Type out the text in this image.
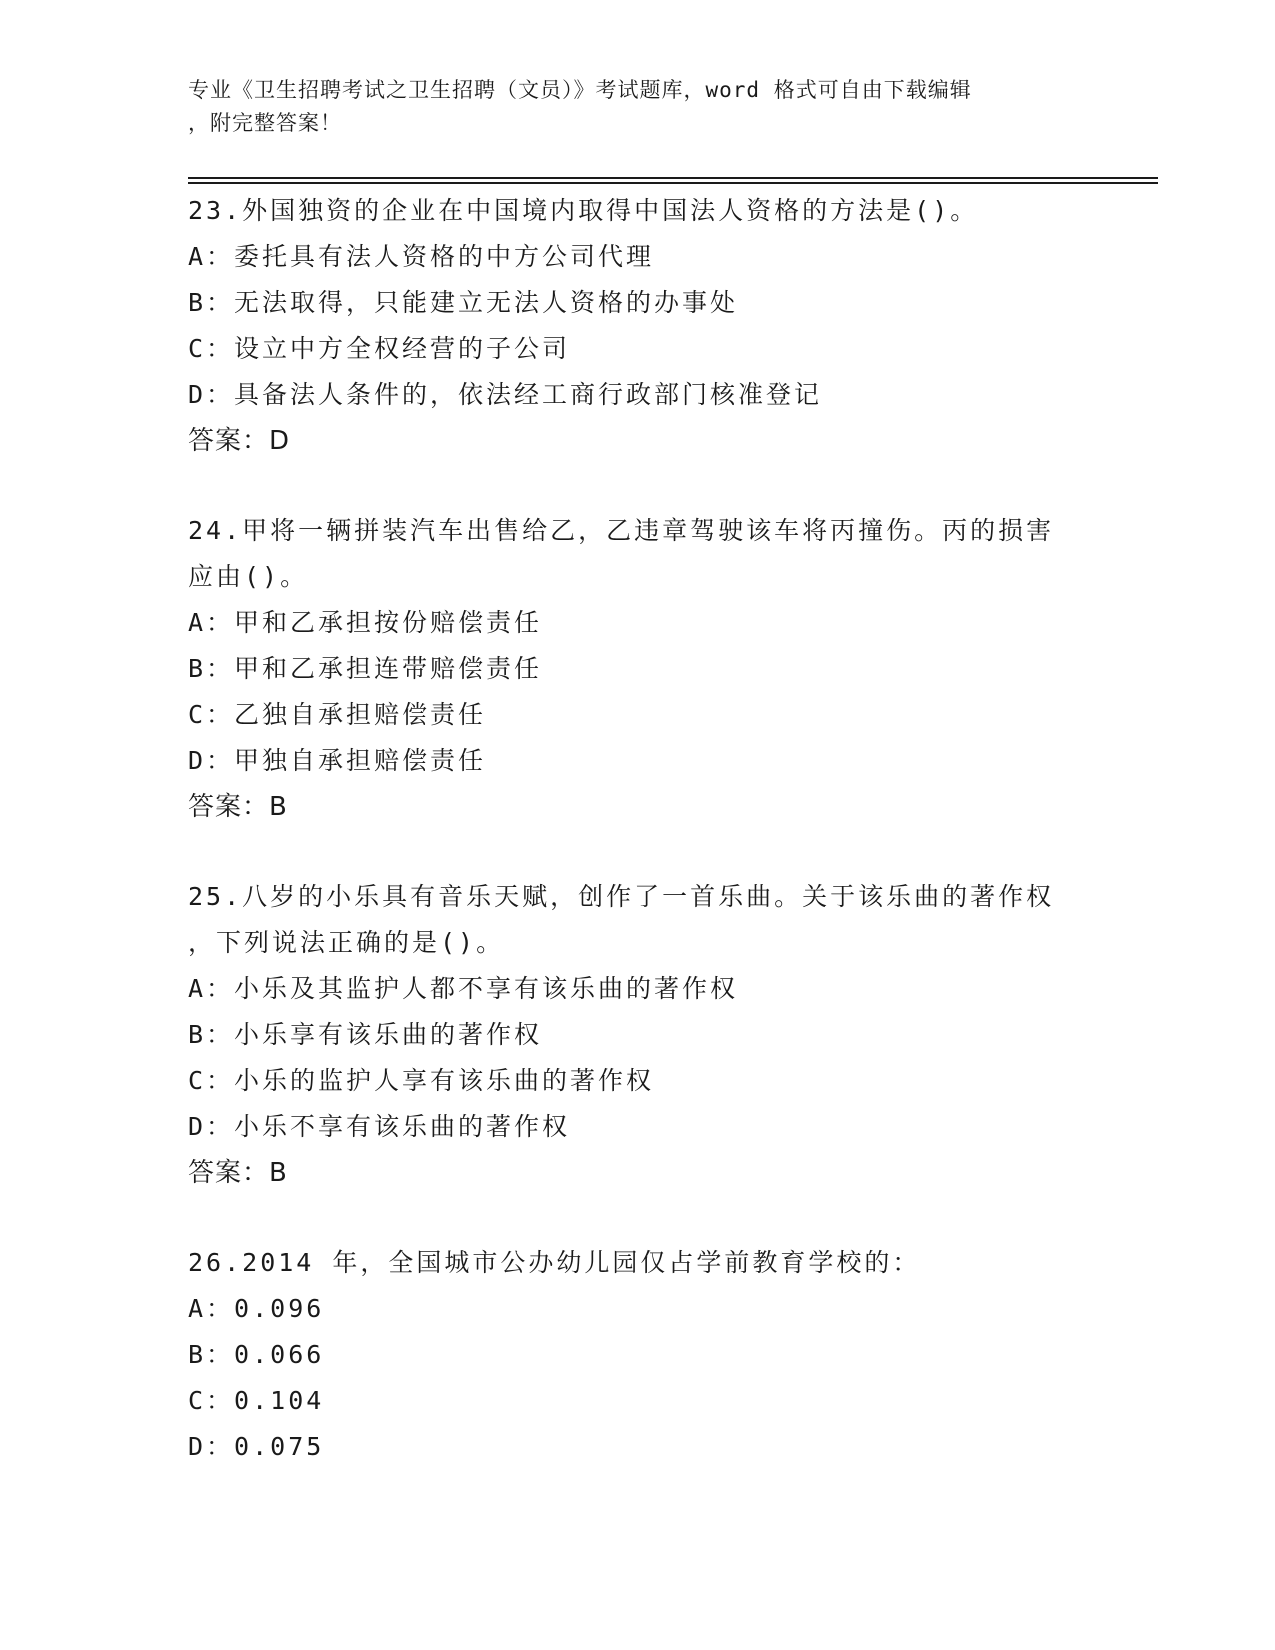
专业《卫生招聘考试之卫生招聘（文员）》考试题库，word 格式可自由下载编辑
，附完整答案！
23.外国独资的企业在中国境内取得中国法人资格的方法是()。
A：委托具有法人资格的中方公司代理
B：无法取得，只能建立无法人资格的办事处
C：设立中方全权经营的子公司
D：具备法人条件的，依法经工商行政部门核准登记
答案：D
24.甲将一辆拼装汽车出售给乙，乙违章驾驶该车将丙撞伤。丙的损害
应由()。
A：甲和乙承担按份赔偿责任
B：甲和乙承担连带赔偿责任
C：乙独自承担赔偿责任
D：甲独自承担赔偿责任
答案：B
25.八岁的小乐具有音乐天赋，创作了一首乐曲。关于该乐曲的著作权
，下列说法正确的是()。
A：小乐及其监护人都不享有该乐曲的著作权
B：小乐享有该乐曲的著作权
C：小乐的监护人享有该乐曲的著作权
D：小乐不享有该乐曲的著作权
答案：B
26.2014 年，全国城市公办幼儿园仅占学前教育学校的：
A：0.096
B：0.066
C：0.104
D：0.075
